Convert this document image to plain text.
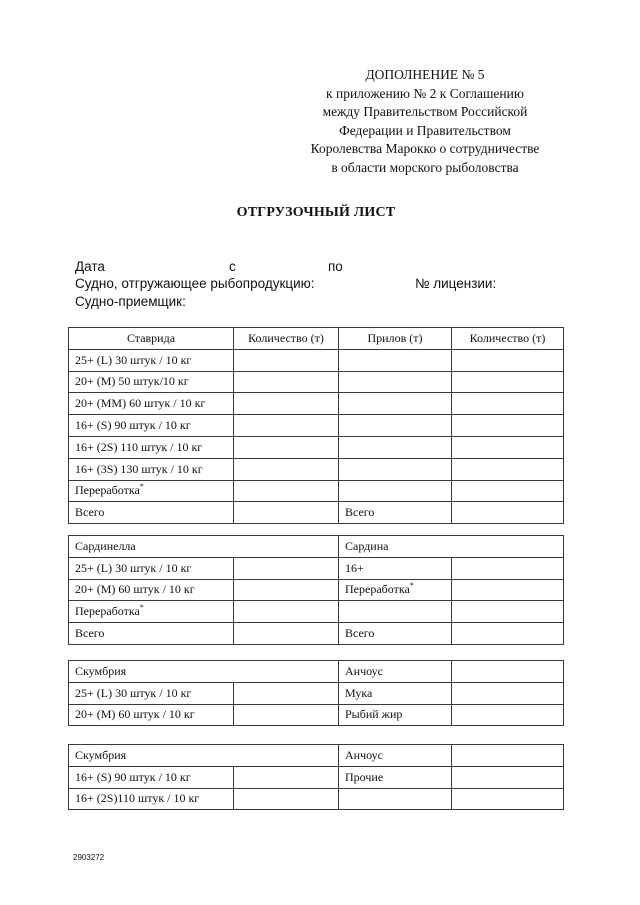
ДОПОЛНЕНИЕ № 5
к приложению № 2 к Соглашению
между Правительством Российской
Федерации и Правительством
Королевства Марокко о сотрудничестве
в области морского рыболовства
ОТГРУЗОЧНЫЙ ЛИСТ
Дата	с	по
Судно, отгружающее рыбопродукцию:	№ лицензии:
Судно-приемщик:
Ставрида	Количество (т)	Прилов (т)	Количество (т)
25+ (L) 30 штук / 10 кг			
20+ (M) 50 штук/10 кг			
20+ (MM) 60 штук / 10 кг			
16+ (S) 90 штук / 10 кг			
16+ (2S) 110 штук / 10 кг			
16+ (3S) 130 штук / 10 кг			
Переработка*			
Всего		Всего	
Сардинелла		Сардина	
25+ (L) 30 штук / 10 кг		16+	
20+ (M) 60 штук / 10 кг		Переработка*	
Переработка*			
Всего		Всего	
Скумбрия		Анчоус	
25+ (L) 30 штук / 10 кг		Мука	
20+ (M) 60 штук / 10 кг		Рыбий жир	
Скумбрия		Анчоус	
16+ (S) 90 штук / 10 кг		Прочие	
16+ (2S)110 штук / 10 кг			
2903272
